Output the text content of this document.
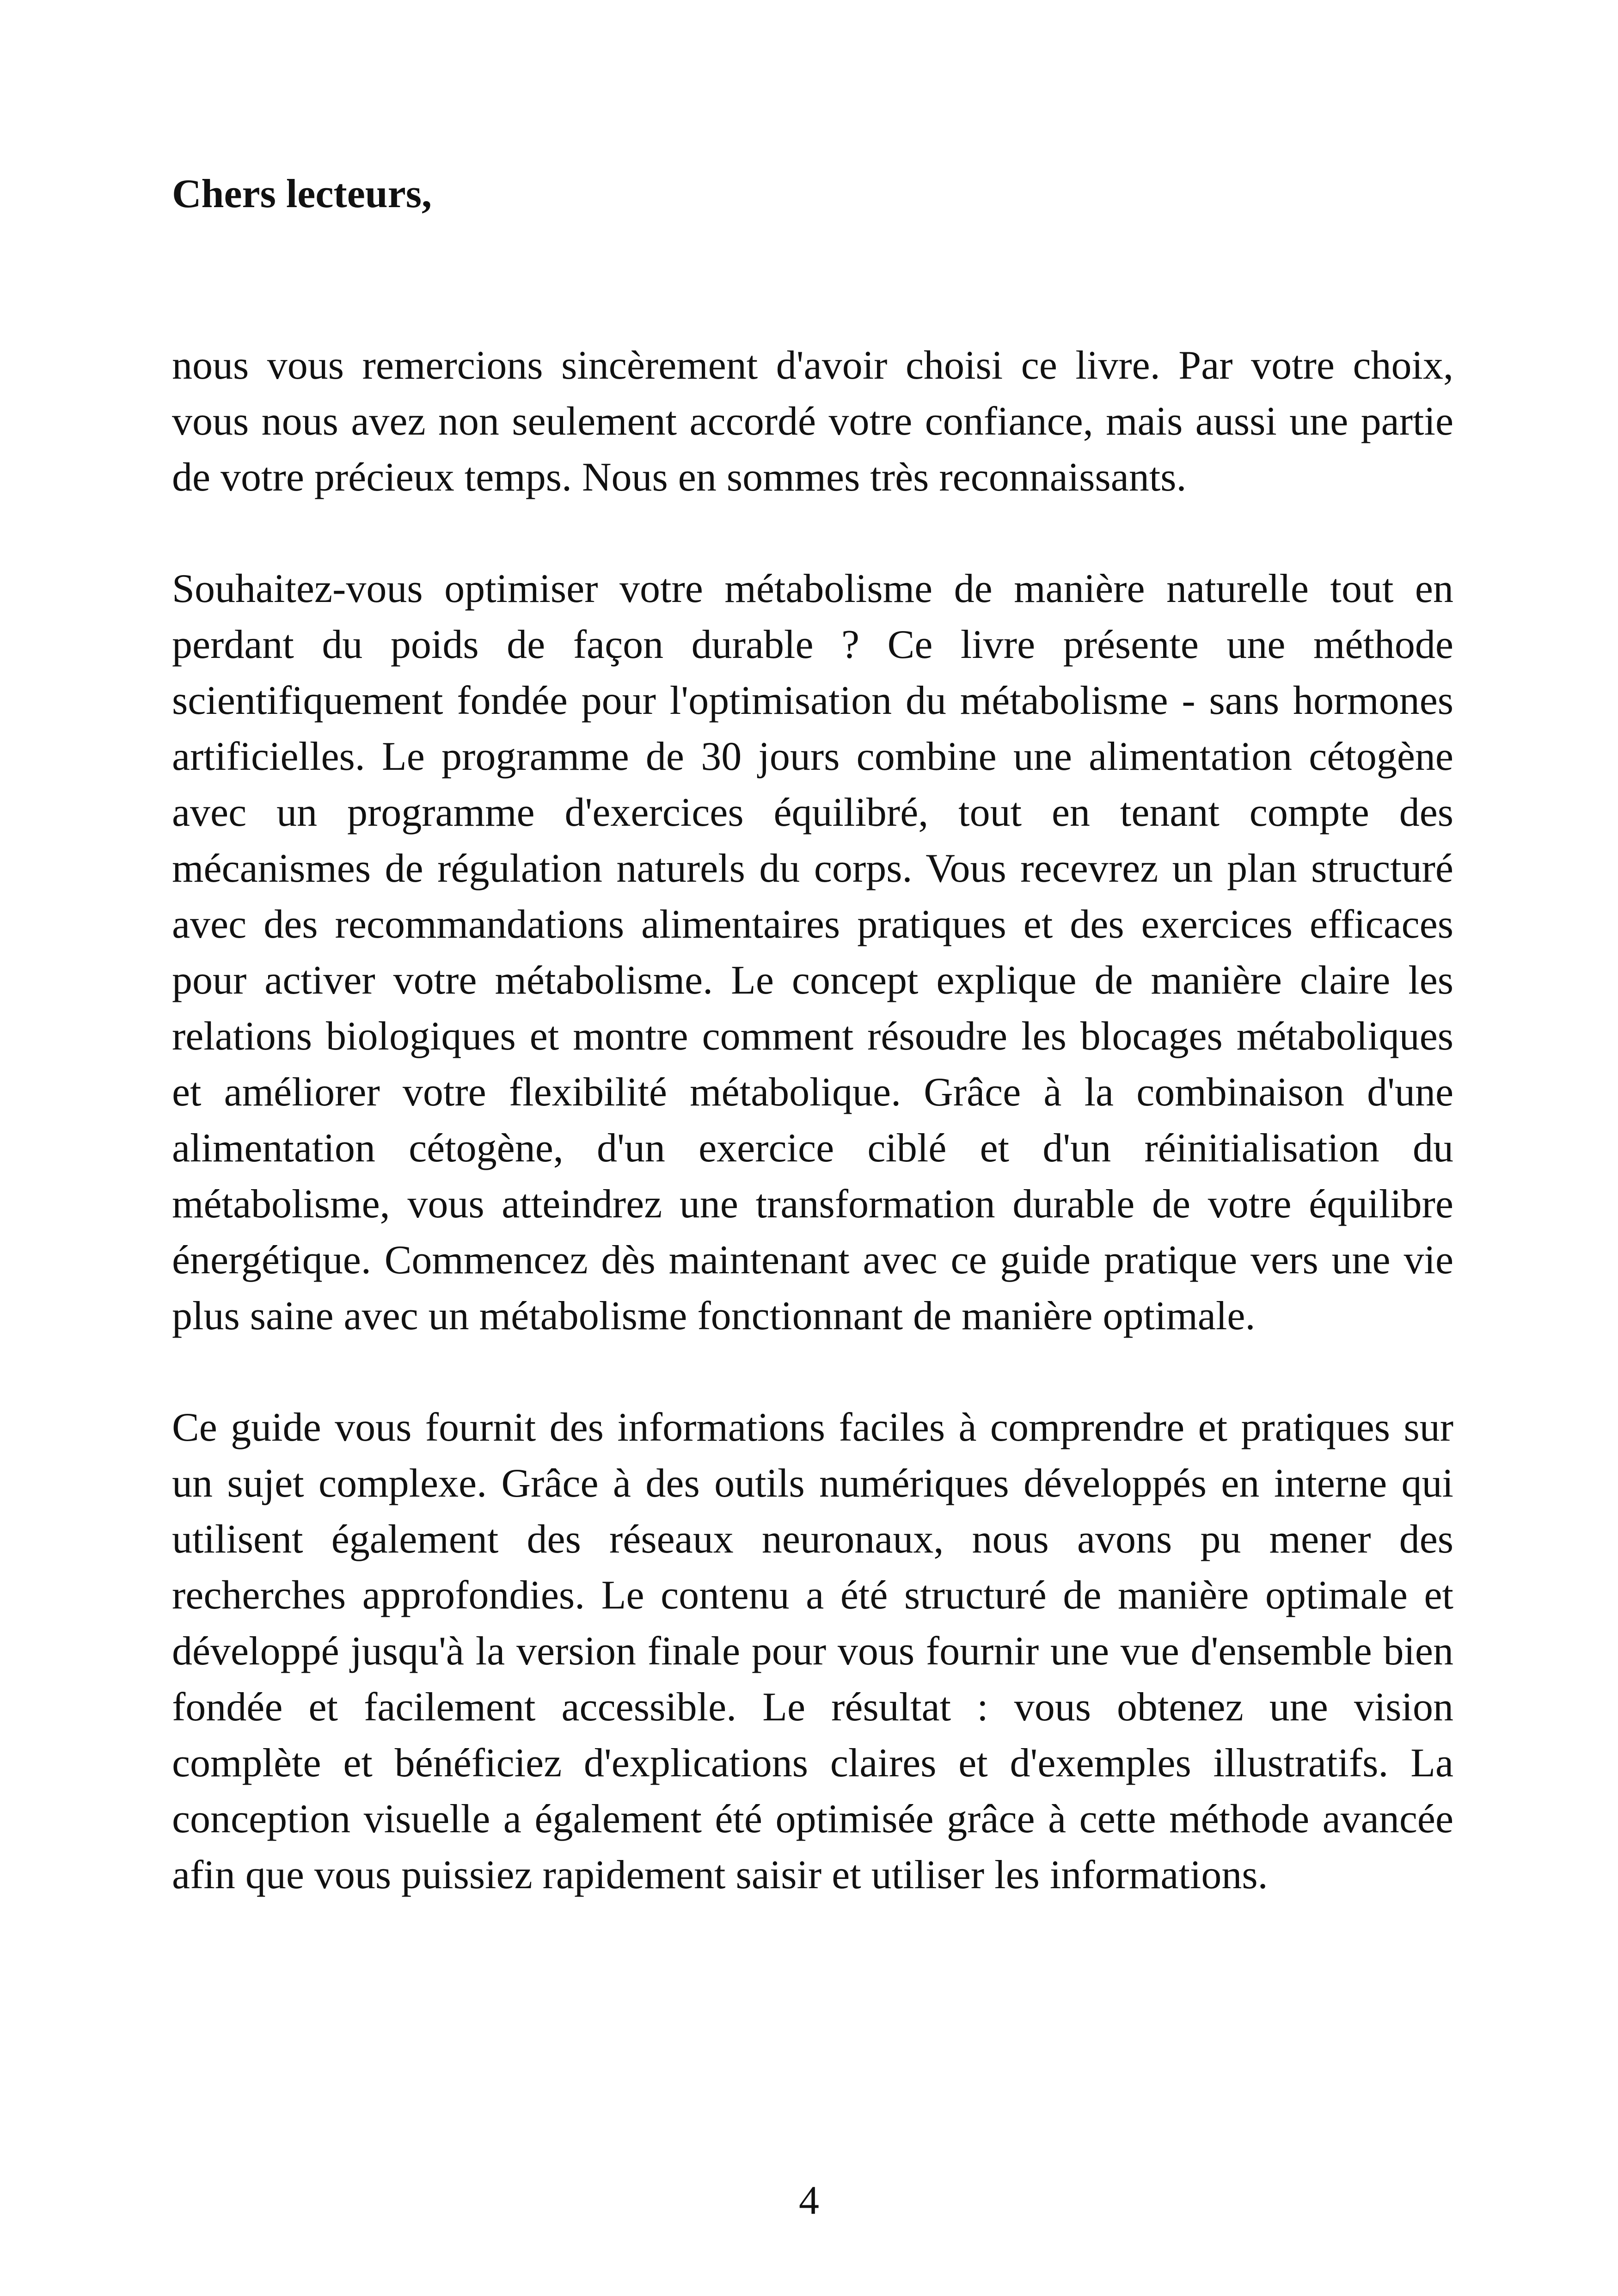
Chers lecteurs,

nous vous remercions sincèrement d'avoir choisi ce livre. Par votre choix, vous nous avez non seulement accordé votre confiance, mais aussi une partie de votre précieux temps. Nous en sommes très reconnaissants.

Souhaitez-vous optimiser votre métabolisme de manière naturelle tout en perdant du poids de façon durable ? Ce livre présente une méthode scientifiquement fondée pour l'optimisation du métabolisme - sans hormones artificielles. Le programme de 30 jours combine une alimentation cétogène avec un programme d'exercices équilibré, tout en tenant compte des mécanismes de régulation naturels du corps. Vous recevrez un plan structuré avec des recommandations alimentaires pratiques et des exercices efficaces pour activer votre métabolisme. Le concept explique de manière claire les relations biologiques et montre comment résoudre les blocages métaboliques et améliorer votre flexibilité métabolique. Grâce à la combinaison d'une alimentation cétogène, d'un exercice ciblé et d'un réinitialisation du métabolisme, vous atteindrez une transformation durable de votre équilibre énergétique. Commencez dès maintenant avec ce guide pratique vers une vie plus saine avec un métabolisme fonctionnant de manière optimale.

Ce guide vous fournit des informations faciles à comprendre et pratiques sur un sujet complexe. Grâce à des outils numériques développés en interne qui utilisent également des réseaux neuronaux, nous avons pu mener des recherches approfondies. Le contenu a été structuré de manière optimale et développé jusqu'à la version finale pour vous fournir une vue d'ensemble bien fondée et facilement accessible. Le résultat : vous obtenez une vision complète et bénéficiez d'explications claires et d'exemples illustratifs. La conception visuelle a également été optimisée grâce à cette méthode avancée afin que vous puissiez rapidement saisir et utiliser les informations.

4
